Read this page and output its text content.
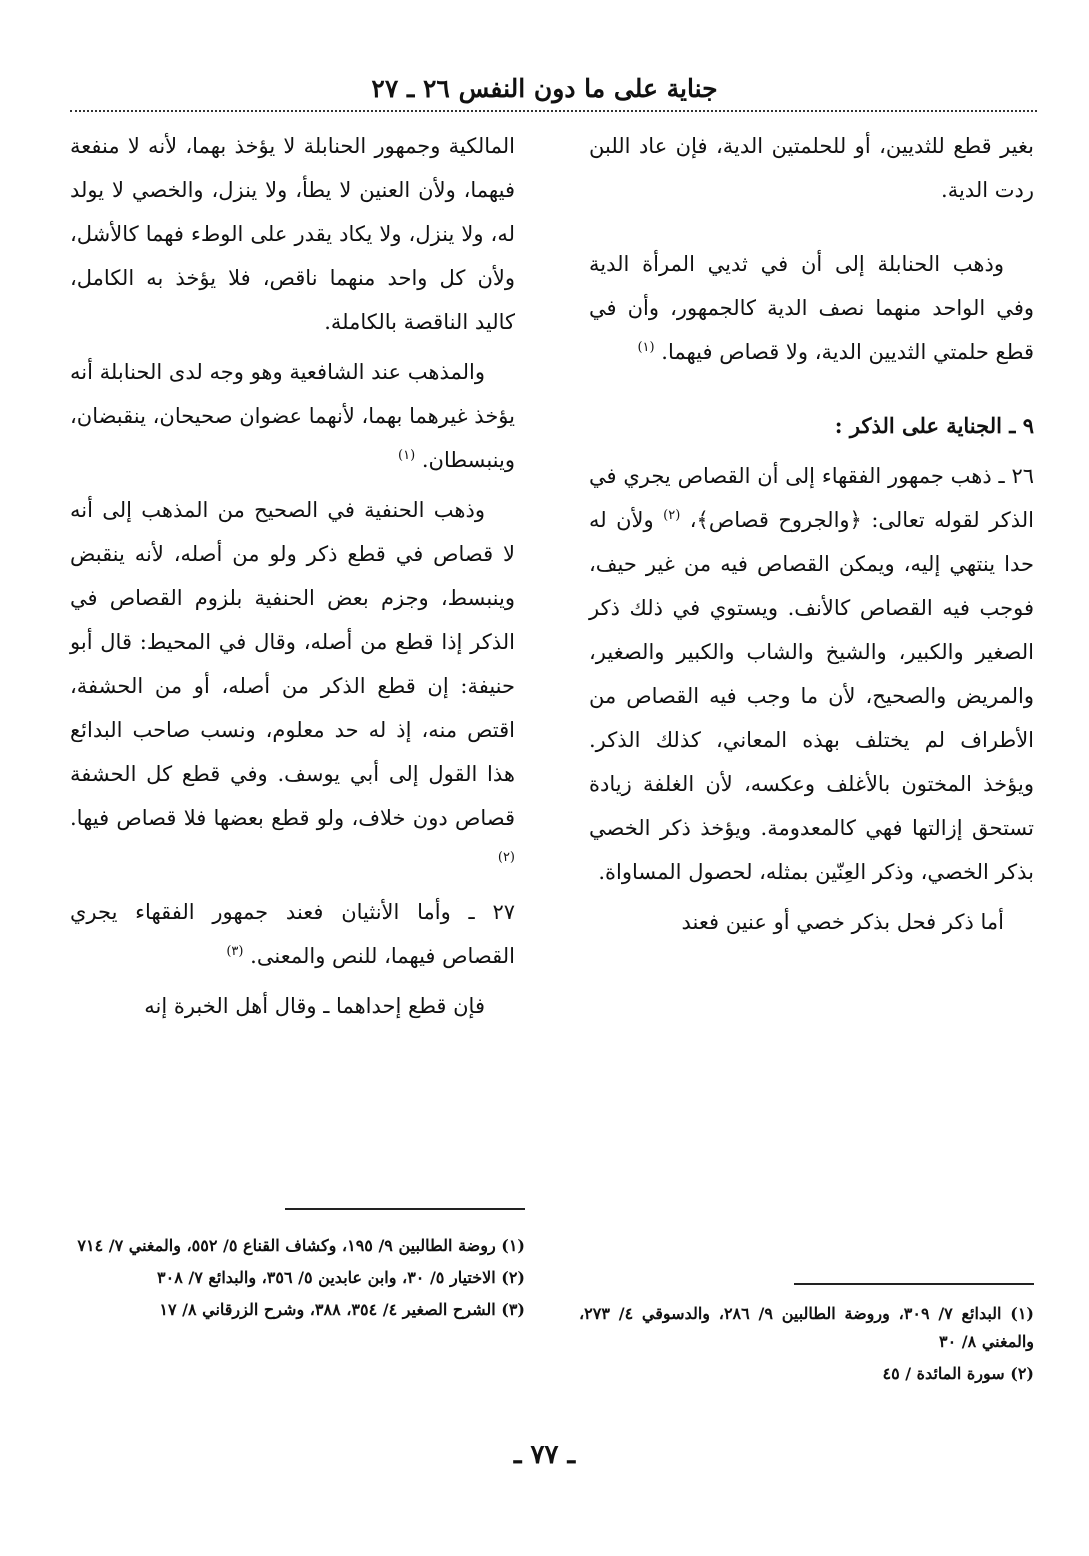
جناية على ما دون النفس ٢٦ ـ ٢٧

بغير قطع للثديين، أو للحلمتين الدية، فإن عاد اللبن ردت الدية.

وذهب الحنابلة إلى أن في ثديي المرأة الدية وفي الواحد منهما نصف الدية كالجمهور، وأن في قطع حلمتي الثديين الدية، ولا قصاص فيهما. $^{(١)}$

٩ ـ الجناية على الذكر :

٢٦ ـ ذهب جمهور الفقهاء إلى أن القصاص يجري في الذكر لقوله تعالى: ﴿والجروح قصاص﴾، $^{(٢)}$ ولأن له حدا ينتهي إليه، ويمكن القصاص فيه من غير حيف، فوجب فيه القصاص كالأنف. ويستوي في ذلك ذكر الصغير والكبير، والشيخ والشاب والكبير والصغير، والمريض والصحيح، لأن ما وجب فيه القصاص من الأطراف لم يختلف بهذه المعاني، كذلك الذكر. ويؤخذ المختون بالأغلف وعكسه، لأن الغلفة زيادة تستحق إزالتها فهي كالمعدومة. ويؤخذ ذكر الخصي بذكر الخصي، وذكر العِنّين بمثله، لحصول المساواة.

أما ذكر فحل بذكر خصي أو عنين فعند

المالكية وجمهور الحنابلة لا يؤخذ بهما، لأنه لا منفعة فيهما، ولأن العنين لا يطأ، ولا ينزل، والخصي لا يولد له، ولا ينزل، ولا يكاد يقدر على الوطء فهما كالأشل، ولأن كل واحد منهما ناقص، فلا يؤخذ به الكامل، كاليد الناقصة بالكاملة.

والمذهب عند الشافعية وهو وجه لدى الحنابلة أنه يؤخذ غيرهما بهما، لأنهما عضوان صحيحان، ينقبضان، وينبسطان. $^{(١)}$

وذهب الحنفية في الصحيح من المذهب إلى أنه لا قصاص في قطع ذكر ولو من أصله، لأنه ينقبض وينبسط، وجزم بعض الحنفية بلزوم القصاص في الذكر إذا قطع من أصله، وقال في المحيط: قال أبو حنيفة: إن قطع الذكر من أصله، أو من الحشفة، اقتص منه، إذ له حد معلوم، ونسب صاحب البدائع هذا القول إلى أبي يوسف. وفي قطع كل الحشفة قصاص دون خلاف، ولو قطع بعضها فلا قصاص فيها. $^{(٢)}$

٢٧ ـ وأما الأنثيان فعند جمهور الفقهاء يجري القصاص فيهما، للنص والمعنى. $^{(٣)}$

فإن قطع إحداهما ـ وقال أهل الخبرة إنه

(١) البدائع ٧/ ٣٠٩، وروضة الطالبين ٩/ ٢٨٦، والدسوقي ٤/ ٢٧٣، والمغني ٨/ ٣٠
(٢) سورة المائدة / ٤٥
(١) روضة الطالبين ٩/ ١٩٥، وكشاف القناع ٥/ ٥٥٢، والمغني ٧/ ٧١٤
(٢) الاختيار ٥/ ٣٠، وابن عابدين ٥/ ٣٥٦، والبدائع ٧/ ٣٠٨
(٣) الشرح الصغير ٤/ ٣٥٤، ٣٨٨، وشرح الزرقاني ٨/ ١٧
ـ ٧٧ ـ
